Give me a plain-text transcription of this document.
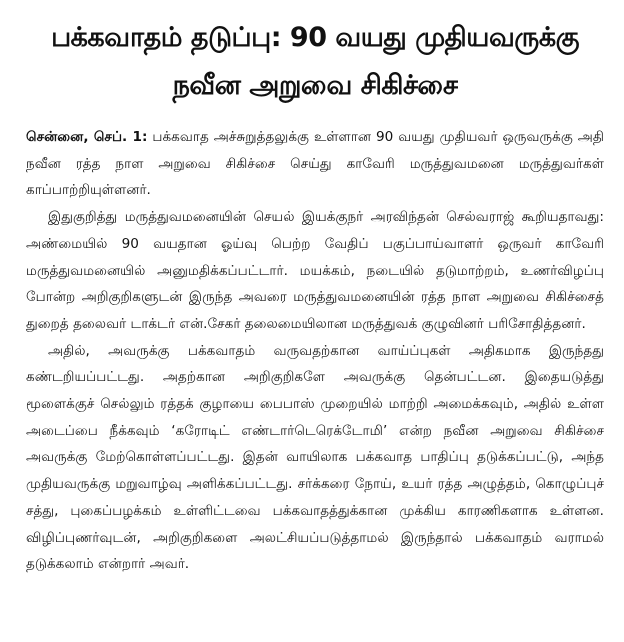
பக்கவாதம் தடுப்பு: 90 வயது முதியவருக்கு
நவீன அறுவை சிகிச்சை

சென்னை, செப். 1: பக்கவாத அச்சுறுத்தலுக்கு உள்ளான 90 வயது முதியவர் ஒருவருக்கு அதி நவீன ரத்த நாள அறுவை சிகிச்சை செய்து காவேரி மருத்துவமனை மருத்துவர்கள் காப்பாற்றியுள்ளனர்.

இதுகுறித்து மருத்துவமனையின் செயல் இயக்குநர் அரவிந்தன் செல்வராஜ் கூறியதாவது: அண்மையில் 90 வயதான ஓய்வு பெற்ற வேதிப் பகுப்பாய்வாளர் ஒருவர் காவேரி மருத்துவமனையில் அனுமதிக்கப்பட்டார். மயக்கம், நடையில் தடுமாற்றம், உணர்விழப்பு போன்ற அறிகுறிகளுடன் இருந்த அவரை மருத்துவமனையின் ரத்த நாள அறுவை சிகிச்சைத் துறைத் தலைவர் டாக்டர் என்.சேகர் தலைமையிலான மருத்துவக் குழுவினர் பரிசோதித்தனர்.

அதில், அவருக்கு பக்கவாதம் வருவதற்கான வாய்ப்புகள் அதிகமாக இருந்தது கண்டறியப்பட்டது. அதற்கான அறிகுறிகளே அவருக்கு தென்பட்டன. இதையடுத்து மூளைக்குச் செல்லும் ரத்தக் குழாயை பைபாஸ் முறையில் மாற்றி அமைக்கவும், அதில் உள்ள அடைப்பை நீக்கவும் ‘கரோடிட் எண்டார்டெரெக்டோமி’ என்ற நவீன அறுவை சிகிச்சை அவருக்கு மேற்கொள்ளப்பட்டது. இதன் வாயிலாக பக்கவாத பாதிப்பு தடுக்கப்பட்டு, அந்த முதியவருக்கு மறுவாழ்வு அளிக்கப்பட்டது. சர்க்கரை நோய், உயர் ரத்த அழுத்தம், கொழுப்புச் சத்து, புகைப்பழக்கம் உள்ளிட்டவை பக்கவாதத்துக்கான முக்கிய காரணிகளாக உள்ளன. விழிப்புணர்வுடன், அறிகுறிகளை அலட்சியப்படுத்தாமல் இருந்தால் பக்கவாதம் வராமல் தடுக்கலாம் என்றார் அவர்.
